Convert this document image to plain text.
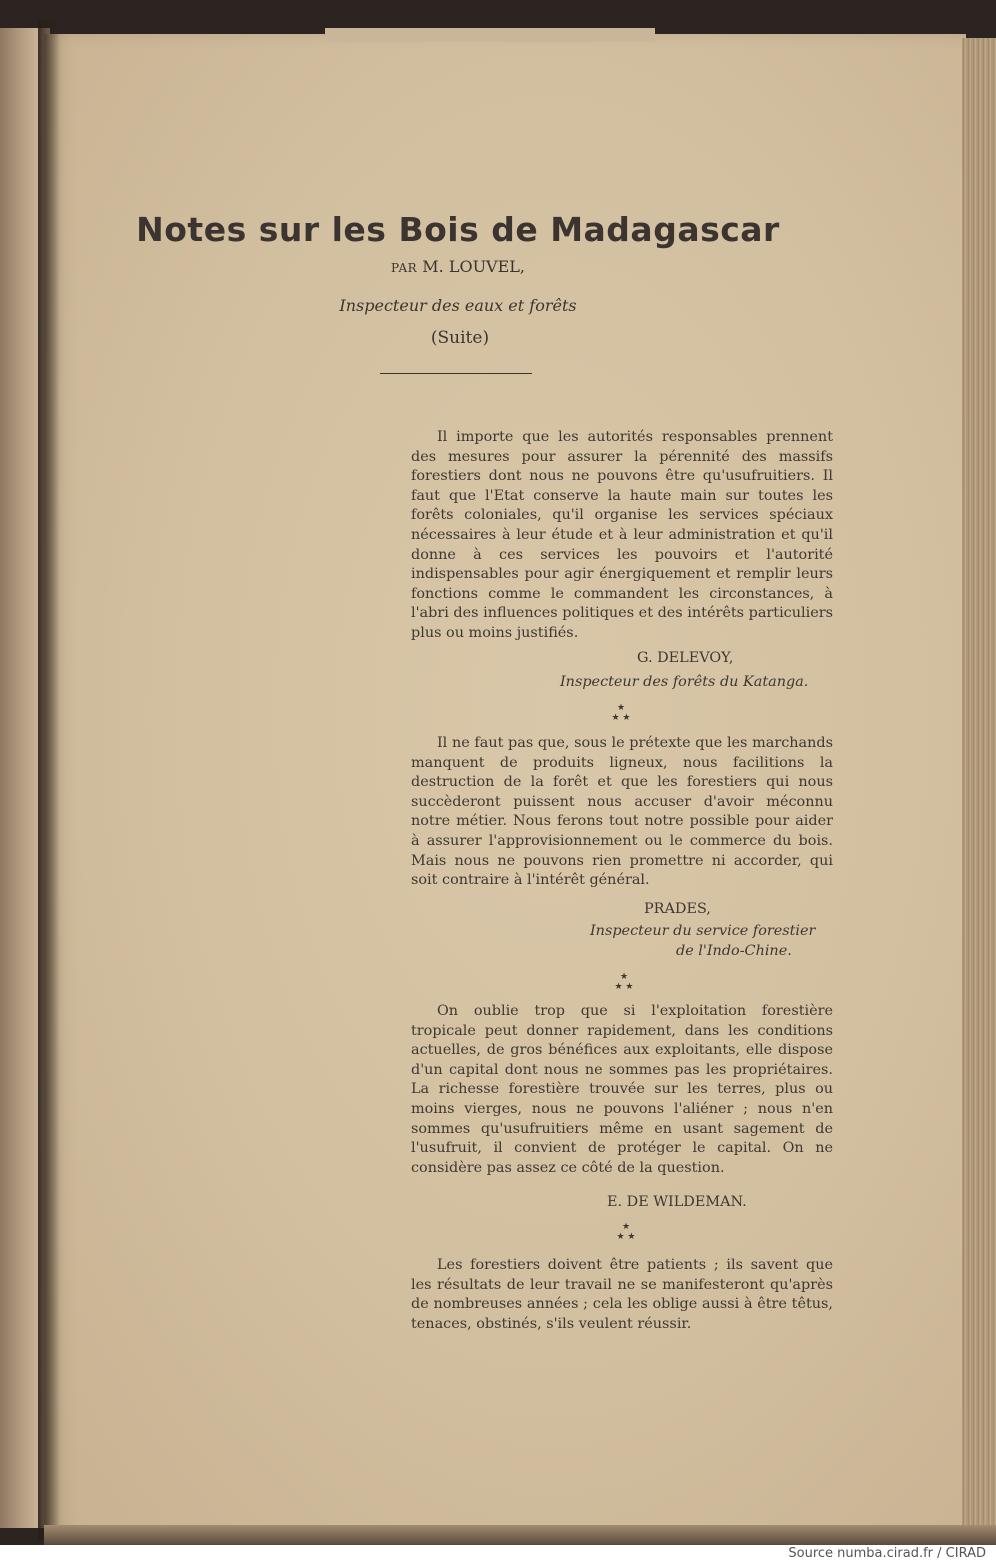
Notes sur les Bois de Madagascar
PAR M. LOUVEL,
Inspecteur des eaux et forêts
(Suite)

Il importe que les autorités responsables prennent des mesures pour assurer la pérennité des massifs forestiers dont nous ne pouvons être qu'usufruitiers. Il faut que l'Etat conserve la haute main sur toutes les forêts coloniales, qu'il organise les services spéciaux nécessaires à leur étude et à leur administration et qu'il donne à ces services les pouvoirs et l'autorité indispensables pour agir énergiquement et remplir leurs fonctions comme le commandent les circonstances, à l'abri des influences politiques et des intérêts particuliers plus ou moins justifiés.

G. DELEVOY,
Inspecteur des forêts du Katanga.
★
★ ★

Il ne faut pas que, sous le prétexte que les marchands manquent de produits ligneux, nous facilitions la destruction de la forêt et que les forestiers qui nous succèderont puissent nous accuser d'avoir méconnu notre métier. Nous ferons tout notre possible pour aider à assurer l'approvisionnement ou le commerce du bois. Mais nous ne pouvons rien promettre ni accorder, qui soit contraire à l'intérêt général.

PRADES,
Inspecteur du service forestier
de l'Indo-Chine.
★
★ ★

On oublie trop que si l'exploitation forestière tropicale peut donner rapidement, dans les conditions actuelles, de gros bénéfices aux exploitants, elle dispose d'un capital dont nous ne sommes pas les propriétaires. La richesse forestière trouvée sur les terres, plus ou moins vierges, nous ne pouvons l'aliéner ; nous n'en sommes qu'usufruitiers même en usant sagement de l'usufruit, il convient de protéger le capital. On ne considère pas assez ce côté de la question.

E. DE WILDEMAN.
★
★ ★

Les forestiers doivent être patients ; ils savent que les résultats de leur travail ne se manifesteront qu'après de nombreuses années ; cela les oblige aussi à être têtus, tenaces, obstinés, s'ils veulent réussir.

Source numba.cirad.fr / CIRAD
